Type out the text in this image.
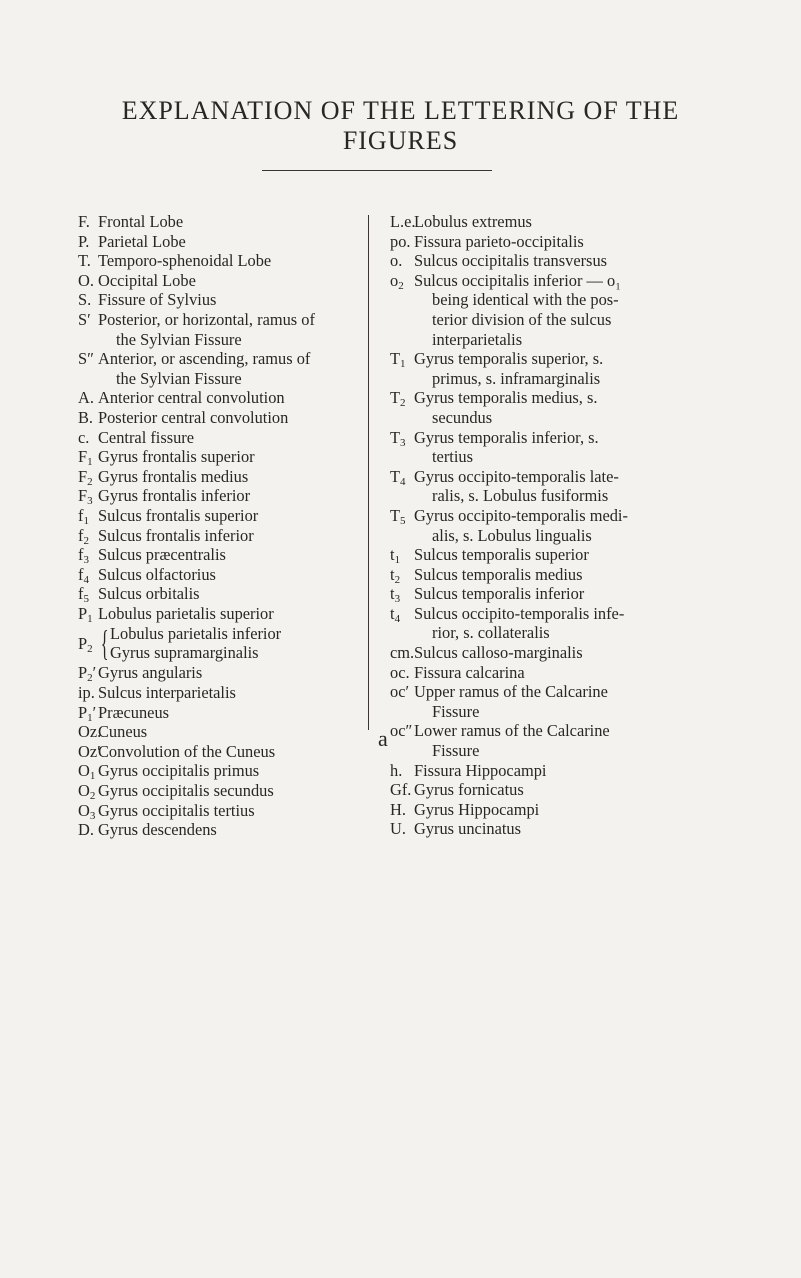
EXPLANATION OF THE LETTERING OF THE
FIGURES
F. Frontal Lobe
P. Parietal Lobe
T. Temporo-sphenoidal Lobe
O. Occipital Lobe
S. Fissure of Sylvius
S′ Posterior, or horizontal, ramus of
the Sylvian Fissure
S″ Anterior, or ascending, ramus of
the Sylvian Fissure
A. Anterior central convolution
B. Posterior central convolution
c. Central fissure
$F_1$ Gyrus frontalis superior
$F_2$ Gyrus frontalis medius
$F_3$ Gyrus frontalis inferior
$f_1$ Sulcus frontalis superior
$f_2$ Sulcus frontalis inferior
$f_3$ Sulcus præcentralis
$f_4$ Sulcus olfactorius
$f_5$ Sulcus orbitalis
$P_1$ Lobulus parietalis superior
$P_2$ { Lobulus parietalis inferior
Gyrus supramarginalis
$P_2'$ Gyrus angularis
ip. Sulcus interparietalis
$P_1'$ Præcuneus
Oz.
Cuneus
Oz′
Convolution of the Cuneus
$O_1$ Gyrus occipitalis primus
$O_2$ Gyrus occipitalis secundus
$O_3$ Gyrus occipitalis tertius
D. Gyrus descendens
L.e.
Lobulus extremus
po. Fissura parieto-occipitalis
o. Sulcus occipitalis transversus
$o_2$ Sulcus occipitalis inferior — o₁
being identical with the pos-
terior division of the sulcus
interparietalis
$T_1$ Gyrus temporalis superior, s.
primus, s. inframarginalis
$T_2$ Gyrus temporalis medius, s.
secundus
$T_3$ Gyrus temporalis inferior, s.
tertius
$T_4$ Gyrus occipito-temporalis late-
ralis, s. Lobulus fusiformis
$T_5$ Gyrus occipito-temporalis medi-
alis, s. Lobulus lingualis
$t_1$ Sulcus temporalis superior
$t_2$ Sulcus temporalis medius
$t_3$ Sulcus temporalis inferior
$t_4$ Sulcus occipito-temporalis infe-
rior, s. collateralis
cm. Sulcus calloso-marginalis
oc. Fissura calcarina
oc′ Upper ramus of the Calcarine
Fissure
oc″ Lower ramus of the Calcarine
Fissure
h. Fissura Hippocampi
Gf. Gyrus fornicatus
H. Gyrus Hippocampi
U. Gyrus uncinatus
a
